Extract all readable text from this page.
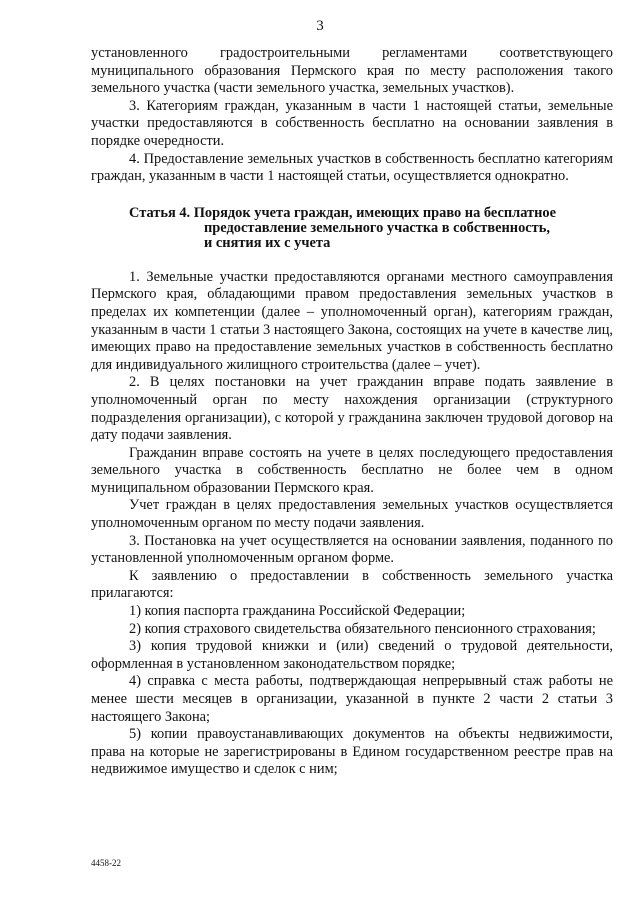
3

установленного градостроительными регламентами соответствующего муниципального образования Пермского края по месту расположения такого земельного участка (части земельного участка, земельных участков).

3. Категориям граждан, указанным в части 1 настоящей статьи, земельные участки предоставляются в собственность бесплатно на основании заявления в порядке очередности.

4. Предоставление земельных участков в собственность бесплатно категориям граждан, указанным в части 1 настоящей статьи, осуществляется однократно.

Статья 4. Порядок учета граждан, имеющих право на бесплатное
предоставление земельного участка в собственность,
и снятия их с учета

1. Земельные участки предоставляются органами местного самоуправления Пермского края, обладающими правом предоставления земельных участков в пределах их компетенции (далее – уполномоченный орган), категориям граждан, указанным в части 1 статьи 3 настоящего Закона, состоящих на учете в качестве лиц, имеющих право на предоставление земельных участков в собственность бесплатно для индивидуального жилищного строительства (далее – учет).

2. В целях постановки на учет гражданин вправе подать заявление в уполномоченный орган по месту нахождения организации (структурного подразделения организации), с которой у гражданина заключен трудовой договор на дату подачи заявления.

Гражданин вправе состоять на учете в целях последующего предоставления земельного участка в собственность бесплатно не более чем в одном муниципальном образовании Пермского края.

Учет граждан в целях предоставления земельных участков осуществляется уполномоченным органом по месту подачи заявления.

3. Постановка на учет осуществляется на основании заявления, поданного по установленной уполномоченным органом форме.

К заявлению о предоставлении в собственность земельного участка прилагаются:

1) копия паспорта гражданина Российской Федерации;

2) копия страхового свидетельства обязательного пенсионного страхования;

3) копия трудовой книжки и (или) сведений о трудовой деятельности, оформленная в установленном законодательством порядке;

4) справка с места работы, подтверждающая непрерывный стаж работы не менее шести месяцев в организации, указанной в пункте 2 части 2 статьи 3 настоящего Закона;

5) копии правоустанавливающих документов на объекты недвижимости, права на которые не зарегистрированы в Едином государственном реестре прав на недвижимое имущество и сделок с ним;

4458-22
